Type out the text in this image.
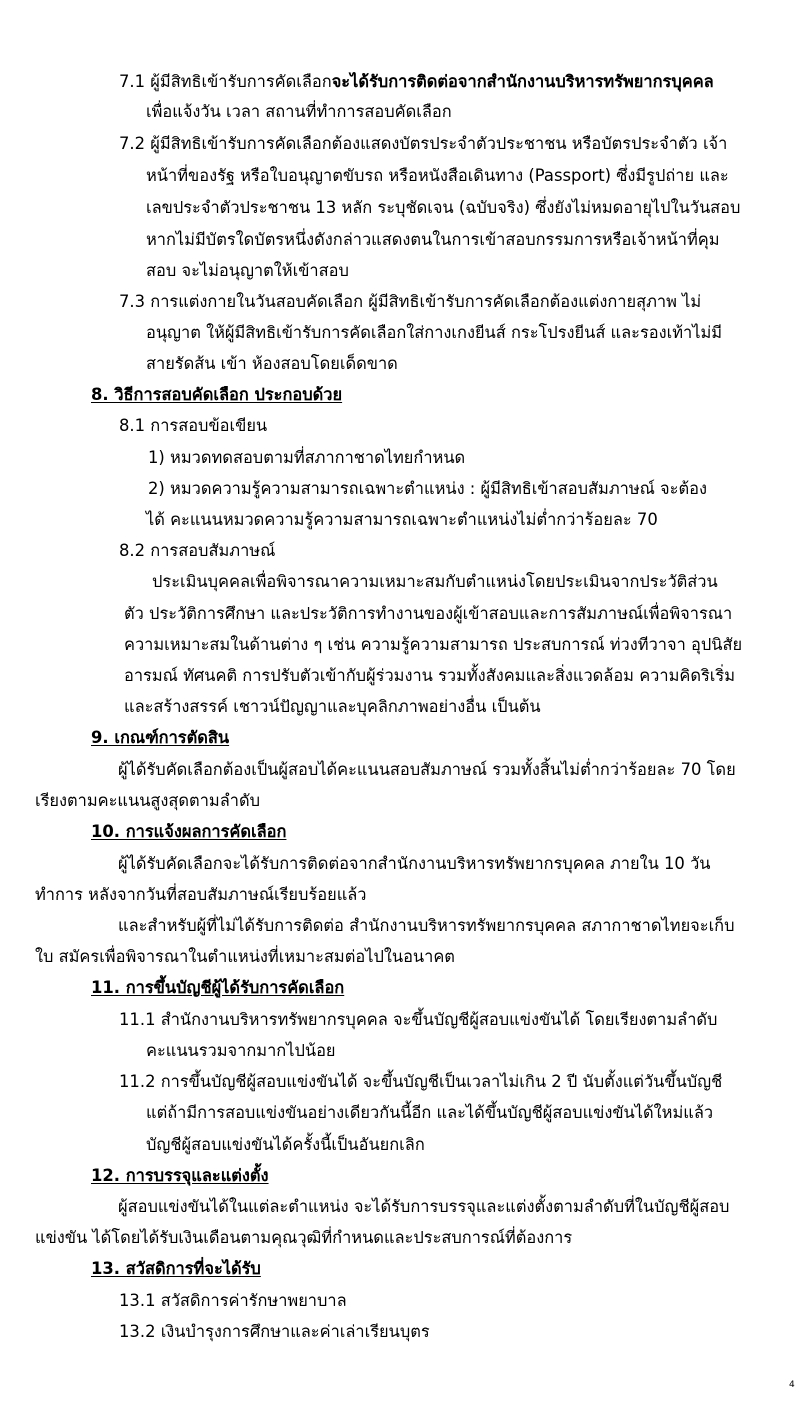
7.1 ผู้มีสิทธิเข้ารับการคัดเลือกจะได้รับการติดต่อจากสำนักงานบริหารทรัพยากรบุคคล
เพื่อแจ้งวัน เวลา สถานที่ทำการสอบคัดเลือก
7.2 ผู้มีสิทธิเข้ารับการคัดเลือกต้องแสดงบัตรประจำตัวประชาชน หรือบัตรประจำตัว เจ้า
หน้าที่ของรัฐ หรือใบอนุญาตขับรถ หรือหนังสือเดินทาง (Passport) ซึ่งมีรูปถ่าย และ
เลขประจำตัวประชาชน 13 หลัก ระบุชัดเจน (ฉบับจริง) ซึ่งยังไม่หมดอายุไปในวันสอบ
หากไม่มีบัตรใดบัตรหนึ่งดังกล่าวแสดงตนในการเข้าสอบกรรมการหรือเจ้าหน้าที่คุม
สอบ จะไม่อนุญาตให้เข้าสอบ
7.3 การแต่งกายในวันสอบคัดเลือก ผู้มีสิทธิเข้ารับการคัดเลือกต้องแต่งกายสุภาพ ไม่
อนุญาต ให้ผู้มีสิทธิเข้ารับการคัดเลือกใส่กางเกงยีนส์ กระโปรงยีนส์ และรองเท้าไม่มี
สายรัดส้น เข้า ห้องสอบโดยเด็ดขาด
8. วิธีการสอบคัดเลือก ประกอบด้วย
8.1 การสอบข้อเขียน
1) หมวดทดสอบตามที่สภากาชาดไทยกำหนด
2) หมวดความรู้ความสามารถเฉพาะตำแหน่ง : ผู้มีสิทธิเข้าสอบสัมภาษณ์ จะต้อง
ได้ คะแนนหมวดความรู้ความสามารถเฉพาะตำแหน่งไม่ต่ำกว่าร้อยละ 70
8.2 การสอบสัมภาษณ์
ประเมินบุคคลเพื่อพิจารณาความเหมาะสมกับตำแหน่งโดยประเมินจากประวัติส่วน
ตัว ประวัติการศึกษา และประวัติการทำงานของผู้เข้าสอบและการสัมภาษณ์เพื่อพิจารณา
ความเหมาะสมในด้านต่าง ๆ เช่น ความรู้ความสามารถ ประสบการณ์ ท่วงทีวาจา อุปนิสัย
อารมณ์ ทัศนคติ การปรับตัวเข้ากับผู้ร่วมงาน รวมทั้งสังคมและสิ่งแวดล้อม ความคิดริเริ่ม
และสร้างสรรค์ เชาวน์ปัญญาและบุคลิกภาพอย่างอื่น เป็นต้น
9. เกณฑ์การตัดสิน
ผู้ได้รับคัดเลือกต้องเป็นผู้สอบได้คะแนนสอบสัมภาษณ์ รวมทั้งสิ้นไม่ต่ำกว่าร้อยละ 70 โดย
เรียงตามคะแนนสูงสุดตามลำดับ
10. การแจ้งผลการคัดเลือก
ผู้ได้รับคัดเลือกจะได้รับการติดต่อจากสำนักงานบริหารทรัพยากรบุคคล ภายใน 10 วัน
ทำการ หลังจากวันที่สอบสัมภาษณ์เรียบร้อยแล้ว
และสำหรับผู้ที่ไม่ได้รับการติดต่อ สำนักงานบริหารทรัพยากรบุคคล สภากาชาดไทยจะเก็บ
ใบ สมัครเพื่อพิจารณาในตำแหน่งที่เหมาะสมต่อไปในอนาคต
11. การขึ้นบัญชีผู้ได้รับการคัดเลือก
11.1 สำนักงานบริหารทรัพยากรบุคคล จะขึ้นบัญชีผู้สอบแข่งขันได้ โดยเรียงตามลำดับ
คะแนนรวมจากมากไปน้อย
11.2 การขึ้นบัญชีผู้สอบแข่งขันได้ จะขึ้นบัญชีเป็นเวลาไม่เกิน 2 ปี นับตั้งแต่วันขึ้นบัญชี
แต่ถ้ามีการสอบแข่งขันอย่างเดียวกันนี้อีก และได้ขึ้นบัญชีผู้สอบแข่งขันได้ใหม่แล้ว
บัญชีผู้สอบแข่งขันได้ครั้งนี้เป็นอันยกเลิก
12. การบรรจุและแต่งตั้ง
ผู้สอบแข่งขันได้ในแต่ละตำแหน่ง จะได้รับการบรรจุและแต่งตั้งตามลำดับที่ในบัญชีผู้สอบ
แข่งขัน ได้โดยได้รับเงินเดือนตามคุณวุฒิที่กำหนดและประสบการณ์ที่ต้องการ
13. สวัสดิการที่จะได้รับ
13.1 สวัสดิการค่ารักษาพยาบาล
13.2 เงินบำรุงการศึกษาและค่าเล่าเรียนบุตร
4
